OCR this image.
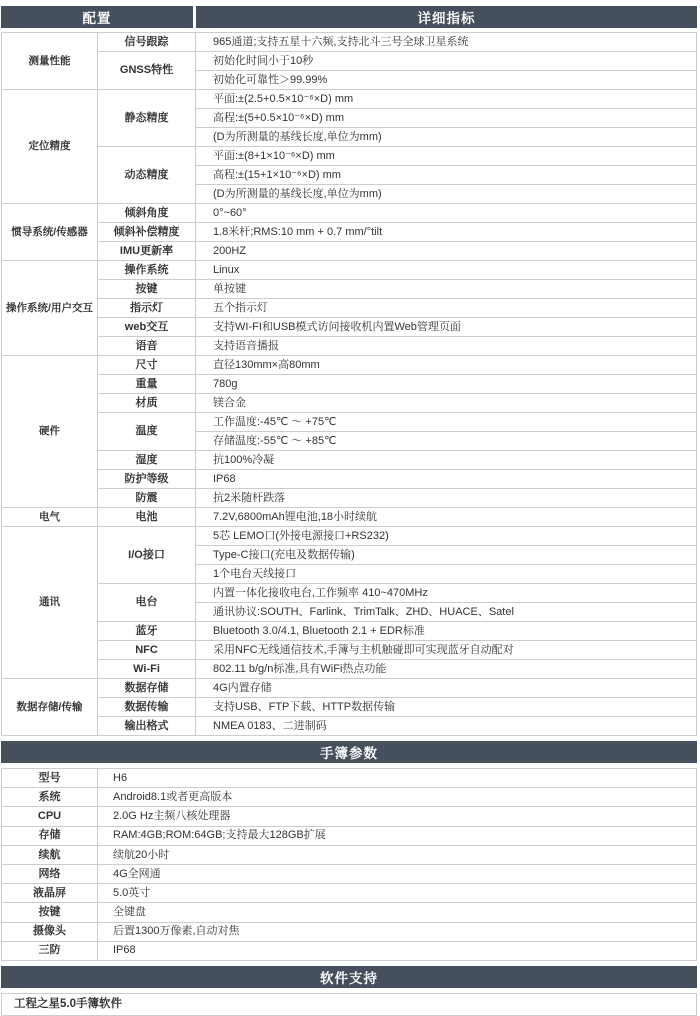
配置	详细指标
测量性能	信号跟踪	965通道;支持五星十六频,支持北斗三号全球卫星系统
	GNSS特性	初始化时间小于10秒
		初始化可靠性＞99.99%
定位精度	静态精度	平面:±(2.5+0.5×10⁻⁶×D) mm
		高程:±(5+0.5×10⁻⁶×D) mm
		(D为所测量的基线长度,单位为mm)
	动态精度	平面:±(8+1×10⁻⁶×D) mm
		高程:±(15+1×10⁻⁶×D) mm
		(D为所测量的基线长度,单位为mm)
惯导系统/传感器	倾斜角度	0°~60°
	倾斜补偿精度	1.8米杆;RMS:10 mm + 0.7 mm/°tilt
	IMU更新率	200HZ
操作系统/用户交互	操作系统	Linux
	按键	单按键
	指示灯	五个指示灯
	web交互	支持WI-FI和USB模式访问接收机内置Web管理页面
	语音	支持语音播报
硬件	尺寸	直径130mm×高80mm
	重量	780g
	材质	镁合金
	温度	工作温度:-45℃ ～ +75℃
		存储温度:-55℃ ～ +85℃
	湿度	抗100%冷凝
	防护等级	IP68
	防震	抗2米随杆跌落
电气	电池	7.2V,6800mAh锂电池,18小时续航
通讯	I/O接口	5芯 LEMO口(外接电源接口+RS232)
		Type-C接口(充电及数据传输)
		1个电台天线接口
	电台	内置一体化接收电台,工作频率 410~470MHz
		通讯协议:SOUTH、Farlink、TrimTalk、ZHD、HUACE、Satel
	蓝牙	Bluetooth 3.0/4.1, Bluetooth 2.1 + EDR标准
	NFC	采用NFC无线通信技术,手簿与主机触碰即可实现蓝牙自动配对
	Wi-Fi	802.11 b/g/n标准,具有WiFi热点功能
数据存储/传输	数据存储	4G内置存储
	数据传输	支持USB、FTP下载、HTTP数据传输
	输出格式	NMEA 0183、二进制码
手簿参数
型号	H6
系统	Android8.1或者更高版本
CPU	2.0G Hz主频八核处理器
存储	RAM:4GB;ROM:64GB;支持最大128GB扩展
续航	续航20小时
网络	4G全网通
液晶屏	5.0英寸
按键	全键盘
摄像头	后置1300万像素,自动对焦
三防	IP68
软件支持
工程之星5.0手簿软件
